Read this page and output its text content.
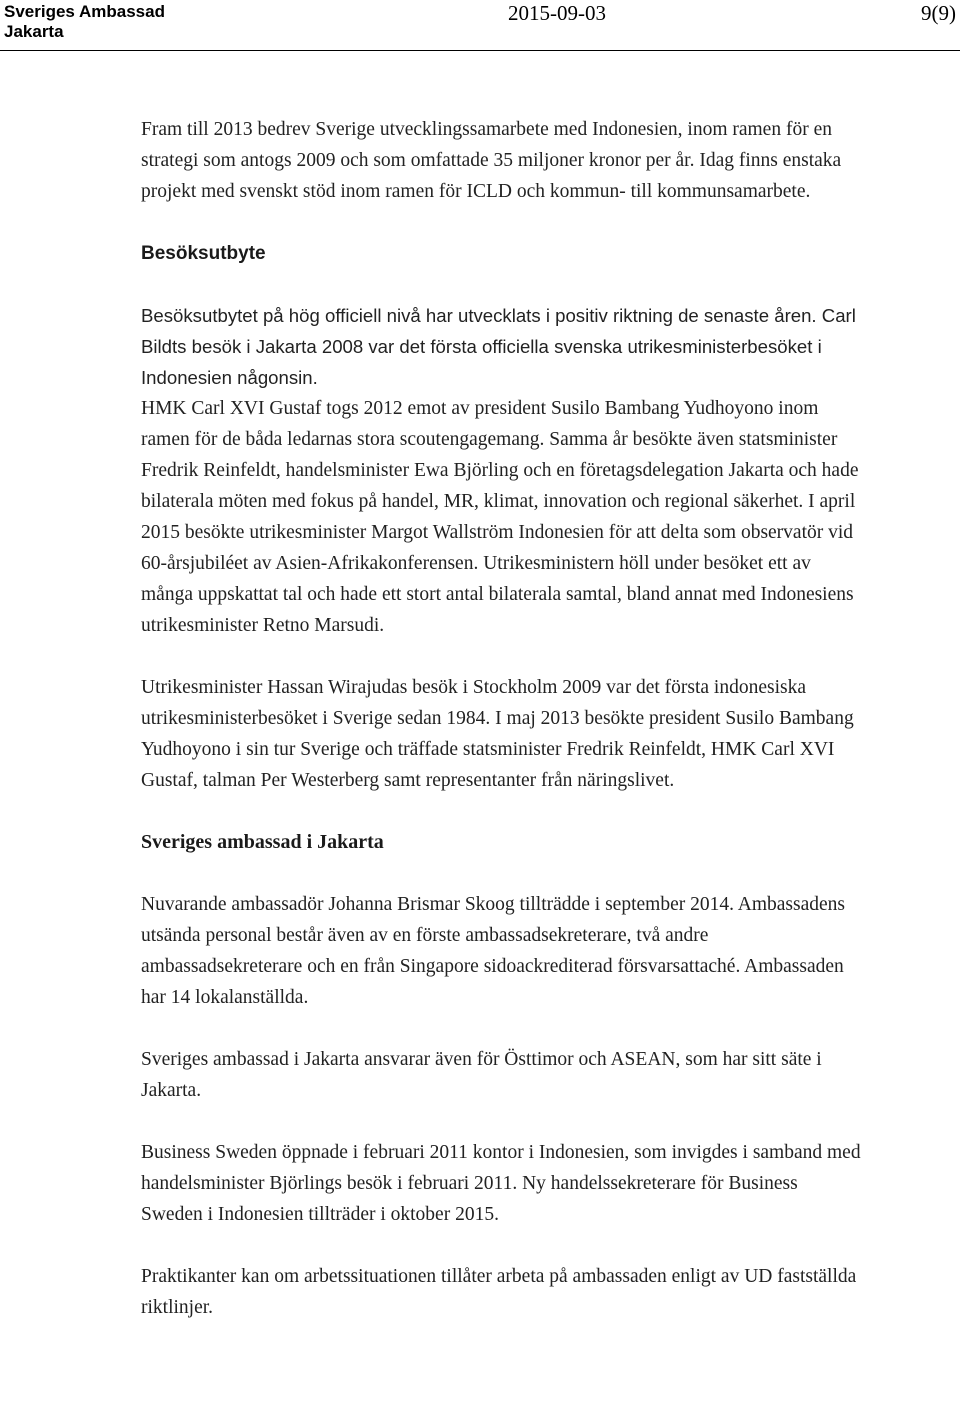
Sveriges Ambassad
Jakarta
2015-09-03	9(9)

Fram till 2013 bedrev Sverige utvecklingssamarbete med Indonesien, inom ramen för en strategi som antogs 2009 och som omfattade 35 miljoner kronor per år. Idag finns enstaka projekt med svenskt stöd inom ramen för ICLD och kommun- till kommunsamarbete.

Besöksutbyte

Besöksutbytet på hög officiell nivå har utvecklats i positiv riktning de senaste åren. Carl Bildts besök i Jakarta 2008 var det första officiella svenska utrikesministerbesöket i Indonesien någonsin.

HMK Carl XVI Gustaf togs 2012 emot av president Susilo Bambang Yudhoyono inom ramen för de båda ledarnas stora scoutengagemang. Samma år besökte även statsminister Fredrik Reinfeldt, handelsminister Ewa Björling och en företagsdelegation Jakarta och hade bilaterala möten med fokus på handel, MR, klimat, innovation och regional säkerhet. I april 2015 besökte utrikesminister Margot Wallström Indonesien för att delta som observatör vid 60-årsjubiléet av Asien-Afrikakonferensen. Utrikesministern höll under besöket ett av många uppskattat tal och hade ett stort antal bilaterala samtal, bland annat med Indonesiens utrikesminister Retno Marsudi.

Utrikesminister Hassan Wirajudas besök i Stockholm 2009 var det första indonesiska utrikesministerbesöket i Sverige sedan 1984. I maj 2013 besökte president Susilo Bambang Yudhoyono i sin tur Sverige och träffade statsminister Fredrik Reinfeldt, HMK Carl XVI Gustaf, talman Per Westerberg samt representanter från näringslivet.

Sveriges ambassad i Jakarta

Nuvarande ambassadör Johanna Brismar Skoog tillträdde i september 2014. Ambassadens utsända personal består även av en förste ambassadsekreterare, två andre ambassadsekreterare och en från Singapore sidoackrediterad försvarsattaché. Ambassaden har 14 lokalanställda.

Sveriges ambassad i Jakarta ansvarar även för Östtimor och ASEAN, som har sitt säte i Jakarta.

Business Sweden öppnade i februari 2011 kontor i Indonesien, som invigdes i samband med handelsminister Björlings besök i februari 2011. Ny handelssekreterare för Business Sweden i Indonesien tillträder i oktober 2015.

Praktikanter kan om arbetssituationen tillåter arbeta på ambassaden enligt av UD fastställda riktlinjer.
